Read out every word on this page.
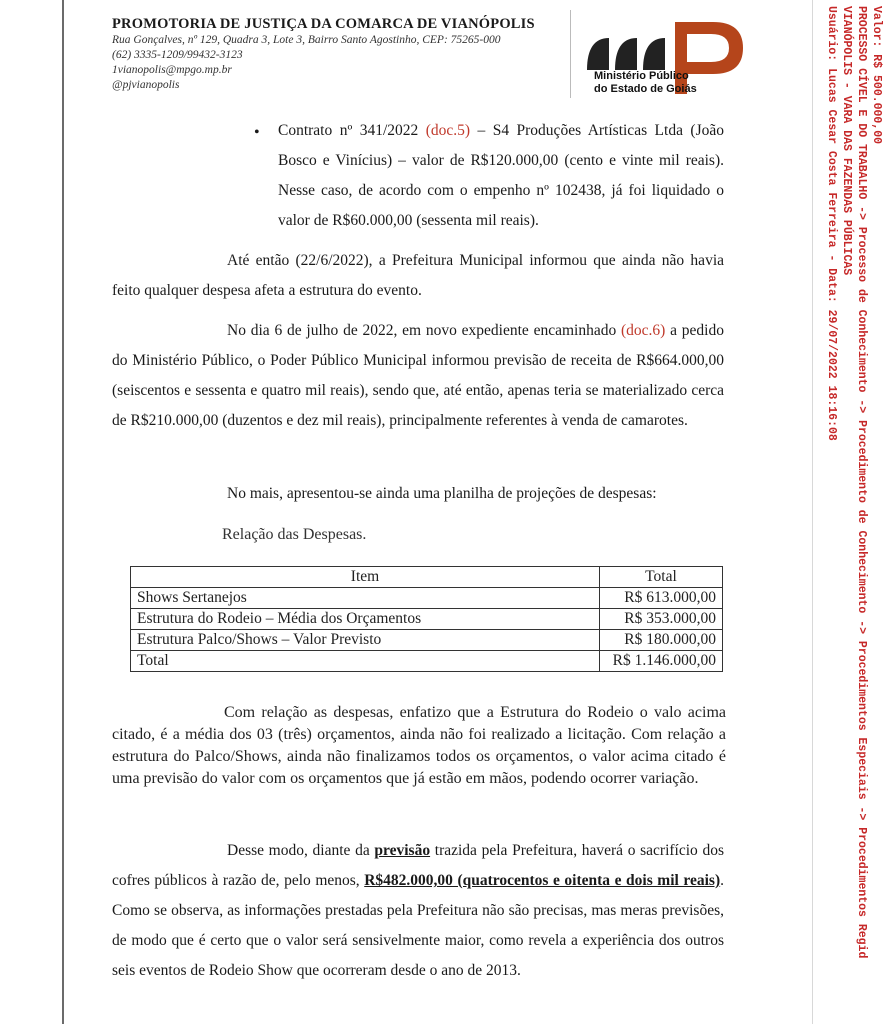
PROMOTORIA DE JUSTIÇA DA COMARCA DE VIANÓPOLIS
Rua Gonçalves, nº 129, Quadra 3, Lote 3, Bairro Santo Agostinho, CEP: 75265-000
(62) 3335-1209/99432-3123
1vianopolis@mpgo.mp.br
@pjvianopolis
Ministério Público
do Estado de Goiás
• Contrato nº 341/2022 (doc.5) – S4 Produções Artísticas Ltda (João Bosco e Vinícius) – valor de R$120.000,00 (cento e vinte mil reais). Nesse caso, de acordo com o empenho nº 102438, já foi liquidado o valor de R$60.000,00 (sessenta mil reais).
Até então (22/6/2022), a Prefeitura Municipal informou que ainda não havia feito qualquer despesa afeta a estrutura do evento.
No dia 6 de julho de 2022, em novo expediente encaminhado (doc.6) a pedido do Ministério Público, o Poder Público Municipal informou previsão de receita de R$664.000,00 (seiscentos e sessenta e quatro mil reais), sendo que, até então, apenas teria se materializado cerca de R$210.000,00 (duzentos e dez mil reais), principalmente referentes à venda de camarotes.
No mais, apresentou-se ainda uma planilha de projeções de despesas:
Relação das Despesas.
Item	Total
Shows Sertanejos	R$ 613.000,00
Estrutura do Rodeio – Média dos Orçamentos	R$ 353.000,00
Estrutura Palco/Shows – Valor Previsto	R$ 180.000,00
Total	R$ 1.146.000,00
Com relação as despesas, enfatizo que a Estrutura do Rodeio o valo acima citado, é a média dos 03 (três) orçamentos, ainda não foi realizado a licitação. Com relação a estrutura do Palco/Shows, ainda não finalizamos todos os orçamentos, o valor acima citado é uma previsão do valor com os orçamentos que já estão em mãos, podendo ocorrer variação.
Desse modo, diante da previsão trazida pela Prefeitura, haverá o sacrifício dos cofres públicos à razão de, pelo menos, R$482.000,00 (quatrocentos e oitenta e dois mil reais). Como se observa, as informações prestadas pela Prefeitura não são precisas, mas meras previsões, de modo que é certo que o valor será sensivelmente maior, como revela a experiência dos outros seis eventos de Rodeio Show que ocorreram desde o ano de 2013.
Valor: R$ 500.000,00
PROCESSO CÍVEL E DO TRABALHO -> Processo de Conhecimento -> Procedimento de Conhecimento -> Procedimentos Especiais -> Procedimentos Regid
VIANÓPOLIS - VARA DAS FAZENDAS PÚBLICAS
Usuário: Lucas Cesar Costa Ferreira - Data: 29/07/2022 18:16:08
